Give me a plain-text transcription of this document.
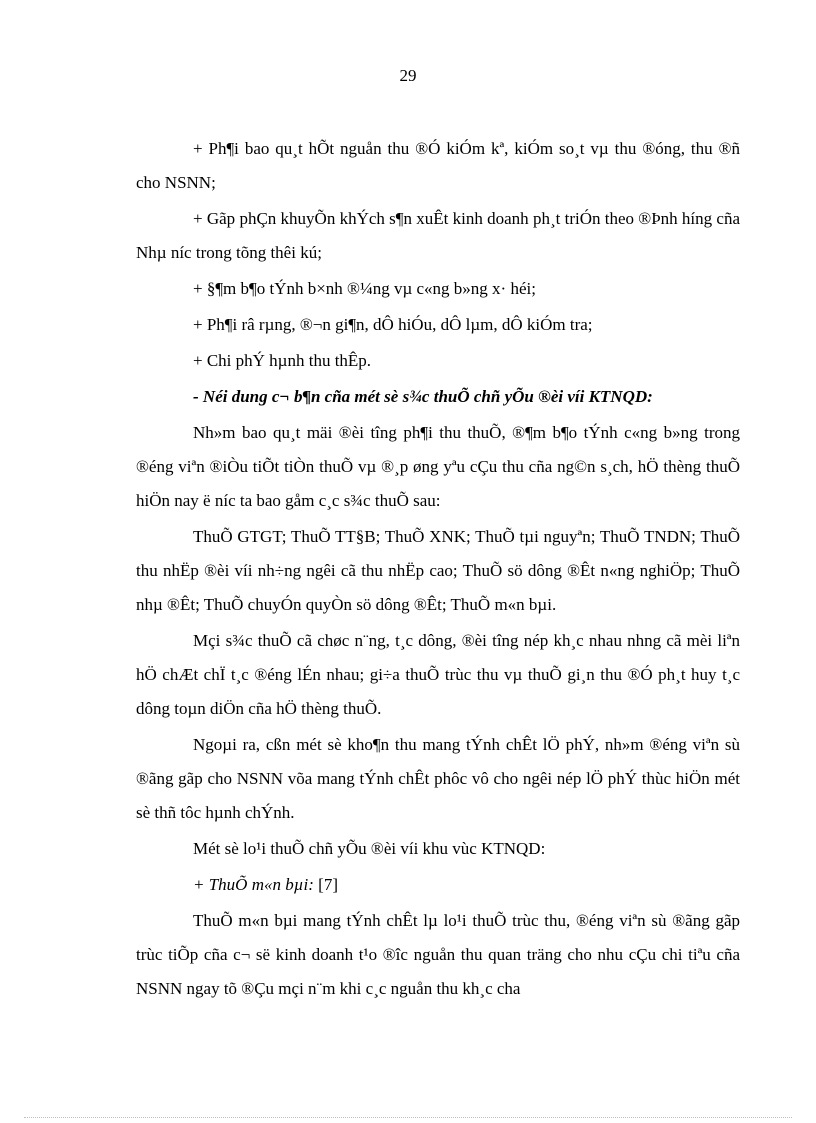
29

+ Ph¶i bao qu¸t hÕt nguån thu ®Ó kiÓm kª, kiÓm so¸t vµ thu ®óng, thu ®ñ cho NSNN;

+ Gãp phÇn khuyÕn khÝch s¶n xuÊt kinh doanh ph¸t triÓn theo ®Þnh híng cña Nhµ níc trong tõng thêi kú;

+ §¶m b¶o tÝnh b×nh ®¼ng vµ c«ng b»ng x· héi;

+ Ph¶i râ rµng, ®¬n gi¶n, dÔ hiÓu, dÔ lµm, dÔ kiÓm tra;

+ Chi phÝ hµnh thu thÊp.

- Néi dung c¬ b¶n cña mét sè s¾c thuÕ chñ yÕu ®èi víi KTNQD:

Nh»m bao qu¸t mäi ®èi tîng ph¶i thu thuÕ, ®¶m b¶o tÝnh c«ng b»ng trong ®éng viªn ®iÒu tiÕt tiÒn thuÕ vµ ®¸p øng yªu cÇu thu cña ng©n s¸ch, hÖ thèng thuÕ hiÖn nay ë níc ta bao gåm c¸c s¾c thuÕ sau:

ThuÕ GTGT; ThuÕ TT§B; ThuÕ XNK; ThuÕ tµi nguyªn; ThuÕ TNDN; ThuÕ thu nhËp ®èi víi nh÷ng ngêi cã thu nhËp cao; ThuÕ sö dông ®Êt n«ng nghiÖp; ThuÕ nhµ ®Êt; ThuÕ chuyÓn quyÒn sö dông ®Êt; ThuÕ m«n bµi.

Mçi s¾c thuÕ cã chøc n¨ng, t¸c dông, ®èi tîng nép kh¸c nhau nhng cã mèi liªn hÖ chÆt chÏ t¸c ®éng lÉn nhau; gi÷a thuÕ trùc thu vµ thuÕ gi¸n thu ®Ó ph¸t huy t¸c dông toµn diÖn cña hÖ thèng thuÕ.

Ngoµi ra, cßn mét sè kho¶n thu mang tÝnh chÊt lÖ phÝ, nh»m ®éng viªn sù ®ãng gãp cho NSNN võa mang tÝnh chÊt phôc vô cho ngêi nép lÖ phÝ thùc hiÖn mét sè thñ tôc hµnh chÝnh.

Mét sè lo¹i thuÕ chñ yÕu ®èi víi khu vùc KTNQD:

+ ThuÕ m«n bµi: [7]

ThuÕ m«n bµi mang tÝnh chÊt lµ lo¹i thuÕ trùc thu, ®éng viªn sù ®ãng gãp trùc tiÕp cña c¬ së kinh doanh t¹o ®îc nguån thu quan träng cho nhu cÇu chi tiªu cña NSNN ngay tõ ®Çu mçi n¨m khi c¸c nguån thu kh¸c cha
